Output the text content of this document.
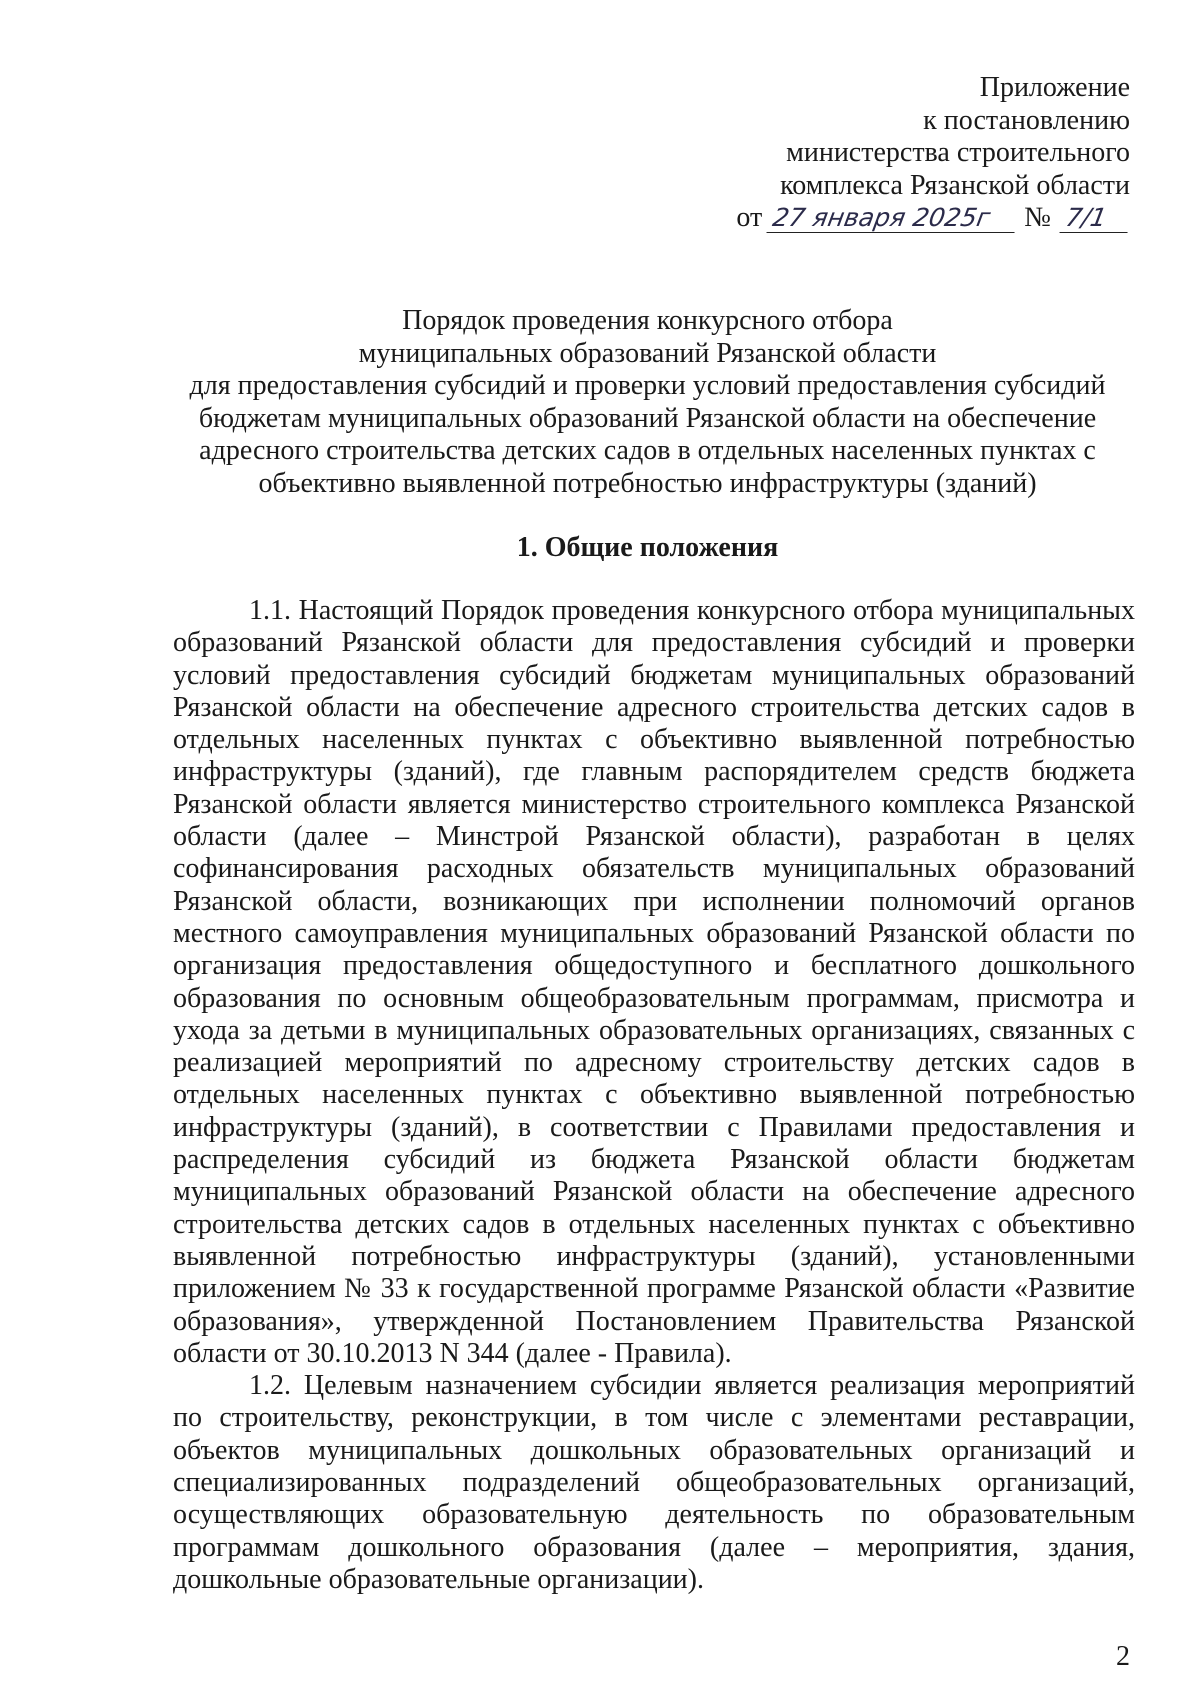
Приложение
к постановлению
министерства строительного
комплекса Рязанской области
от 27 января 2025г № 7/1
Порядок проведения конкурсного отбора
муниципальных образований Рязанской области
для предоставления субсидий и проверки условий предоставления субсидий
бюджетам муниципальных образований Рязанской области на обеспечение
адресного строительства детских садов в отдельных населенных пунктах с
объективно выявленной потребностью инфраструктуры (зданий)
1. Общие положения

1.1. Настоящий Порядок проведения конкурсного отбора муниципальных образований Рязанской области для предоставления субсидий и проверки условий предоставления субсидий бюджетам муниципальных образований Рязанской области на обеспечение адресного строительства детских садов в отдельных населенных пунктах с объективно выявленной потребностью инфраструктуры (зданий), где главным распорядителем средств бюджета Рязанской области является министерство строительного комплекса Рязанской области (далее – Минстрой Рязанской области), разработан в целях софинансирования расходных обязательств муниципальных образований Рязанской области, возникающих при исполнении полномочий органов местного самоуправления муниципальных образований Рязанской области по организация предоставления общедоступного и бесплатного дошкольного образования по основным общеобразовательным программам, присмотра и ухода за детьми в муниципальных образовательных организациях, связанных с реализацией мероприятий по адресному строительству детских садов в отдельных населенных пунктах с объективно выявленной потребностью инфраструктуры (зданий), в соответствии с Правилами предоставления и распределения субсидий из бюджета Рязанской области бюджетам муниципальных образований Рязанской области на обеспечение адресного строительства детских садов в отдельных населенных пунктах с объективно выявленной потребностью инфраструктуры (зданий), установленными приложением № 33 к государственной программе Рязанской области «Развитие образования», утвержденной Постановлением Правительства Рязанской области от 30.10.2013 N 344 (далее - Правила).

1.2. Целевым назначением субсидии является реализация мероприятий по строительству, реконструкции, в том числе с элементами реставрации, объектов муниципальных дошкольных образовательных организаций и специализированных подразделений общеобразовательных организаций, осуществляющих образовательную деятельность по образовательным программам дошкольного образования (далее – мероприятия, здания, дошкольные образовательные организации).

2
